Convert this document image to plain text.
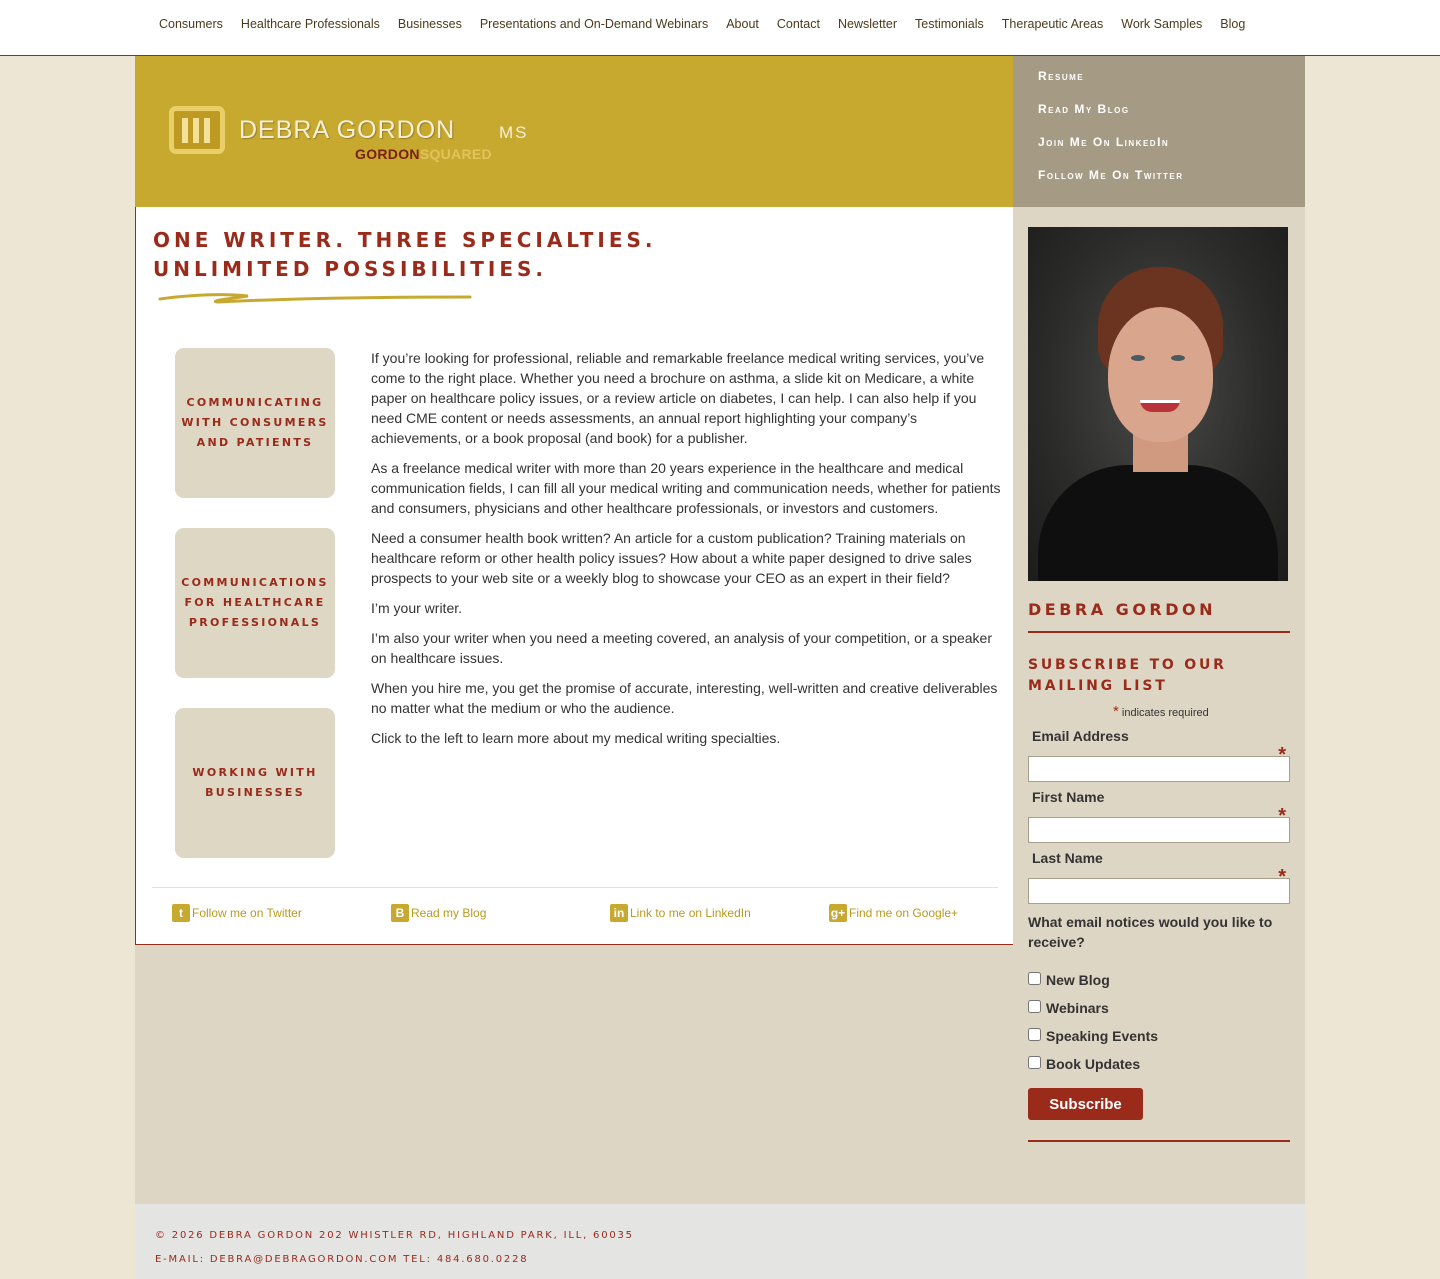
Consumers	Healthcare Professionals	Businesses	Presentations and On-Demand Webinars	About	Contact	Newsletter	Testimonials	Therapeutic Areas	Work Samples	Blog
DEBRA GORDON	MS
GORDONSQUARED
Resume
Read My Blog
Join Me On LinkedIn
Follow Me On Twitter
ONE WRITER. THREE SPECIALTIES.
UNLIMITED POSSIBILITIES.
COMMUNICATING WITH CONSUMERS AND PATIENTS
COMMUNICATIONS FOR HEALTHCARE PROFESSIONALS
WORKING WITH BUSINESSES

If you’re looking for professional, reliable and remarkable freelance medical writing services, you’ve come to the right place. Whether you need a brochure on asthma, a slide kit on Medicare, a white paper on healthcare policy issues, or a review article on diabetes, I can help. I can also help if you need CME content or needs assessments, an annual report highlighting your company’s achievements, or a book proposal (and book) for a publisher.

As a freelance medical writer with more than 20 years experience in the healthcare and medical communication fields, I can fill all your medical writing and communication needs, whether for patients and consumers, physicians and other healthcare professionals, or investors and customers.

Need a consumer health book written? An article for a custom publication? Training materials on healthcare reform or other health policy issues? How about a white paper designed to drive sales prospects to your web site or a weekly blog to showcase your CEO as an expert in their field?

I’m your writer.

I’m also your writer when you need a meeting covered, an analysis of your competition, or a speaker on healthcare issues.

When you hire me, you get the promise of accurate, interesting, well-written and creative deliverables no matter what the medium or who the audience.

Click to the left to learn more about my medical writing specialties.

t Follow me on Twitter	B Read my Blog	in Link to me on LinkedIn	g+ Find me on Google+
DEBRA GORDON
SUBSCRIBE TO OUR MAILING LIST
* indicates required
Email Address
*
First Name
*
Last Name
*
What email notices would you like to receive?
New Blog
Webinars
Speaking Events
Book Updates
Subscribe
© 2026 DEBRA GORDON 202 WHISTLER RD, HIGHLAND PARK, ILL, 60035
E-MAIL: DEBRA@DEBRAGORDON.COM TEL: 484.680.0228
